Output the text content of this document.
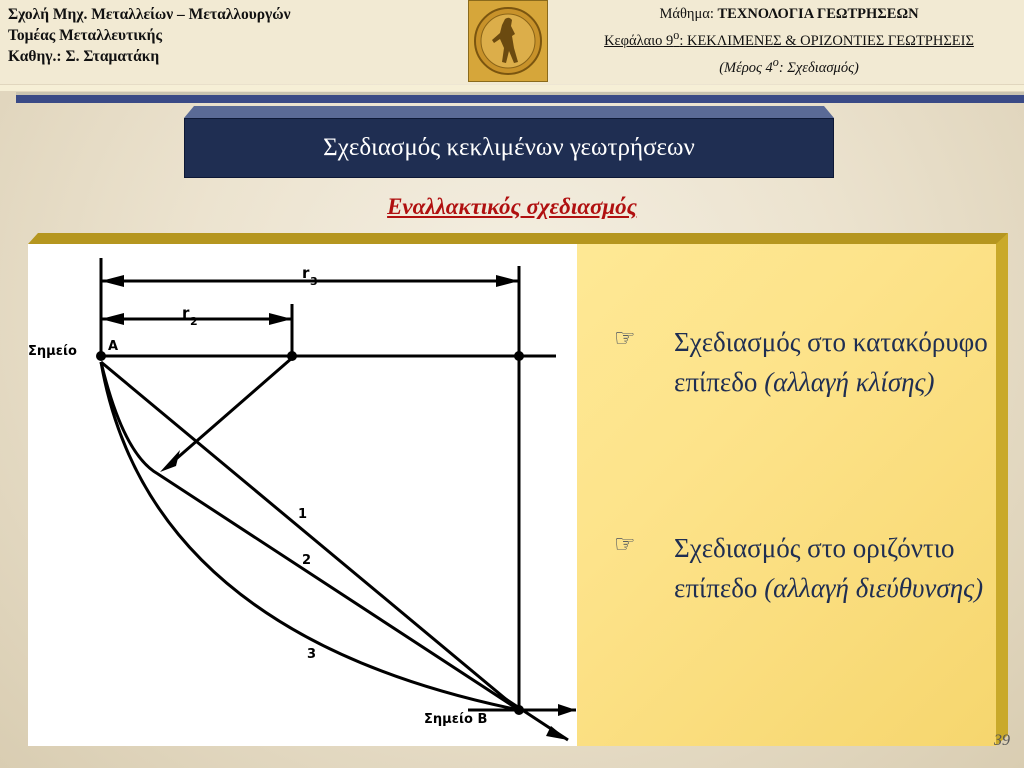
Σχολή Μηχ. Μεταλλείων – Μεταλλουργών
Τομέας Μεταλλευτικής
Καθηγ.: Σ. Σταματάκη
Μάθημα: ΤΕΧΝΟΛΟΓΙΑ ΓΕΩΤΡΗΣΕΩΝ
Κεφάλαιο $9^o$: ΚΕΚΛΙΜΕΝΕΣ & ΟΡΙΖΟΝΤΙΕΣ ΓΕΩΤΡΗΣΕΙΣ
(Μέρος $4^o$: Σχεδιασμός)
Σχεδιασμός κεκλιμένων γεωτρήσεων
Εναλλακτικός σχεδιασμός
r 3
r 2
Σημείο A
Σημείο B
1
2
3
☞ Σχεδιασμός στο κατακόρυφο επίπεδο (αλλαγή κλίσης)
☞ Σχεδιασμός στο οριζόντιο επίπεδο (αλλαγή διεύθυνσης)
39
